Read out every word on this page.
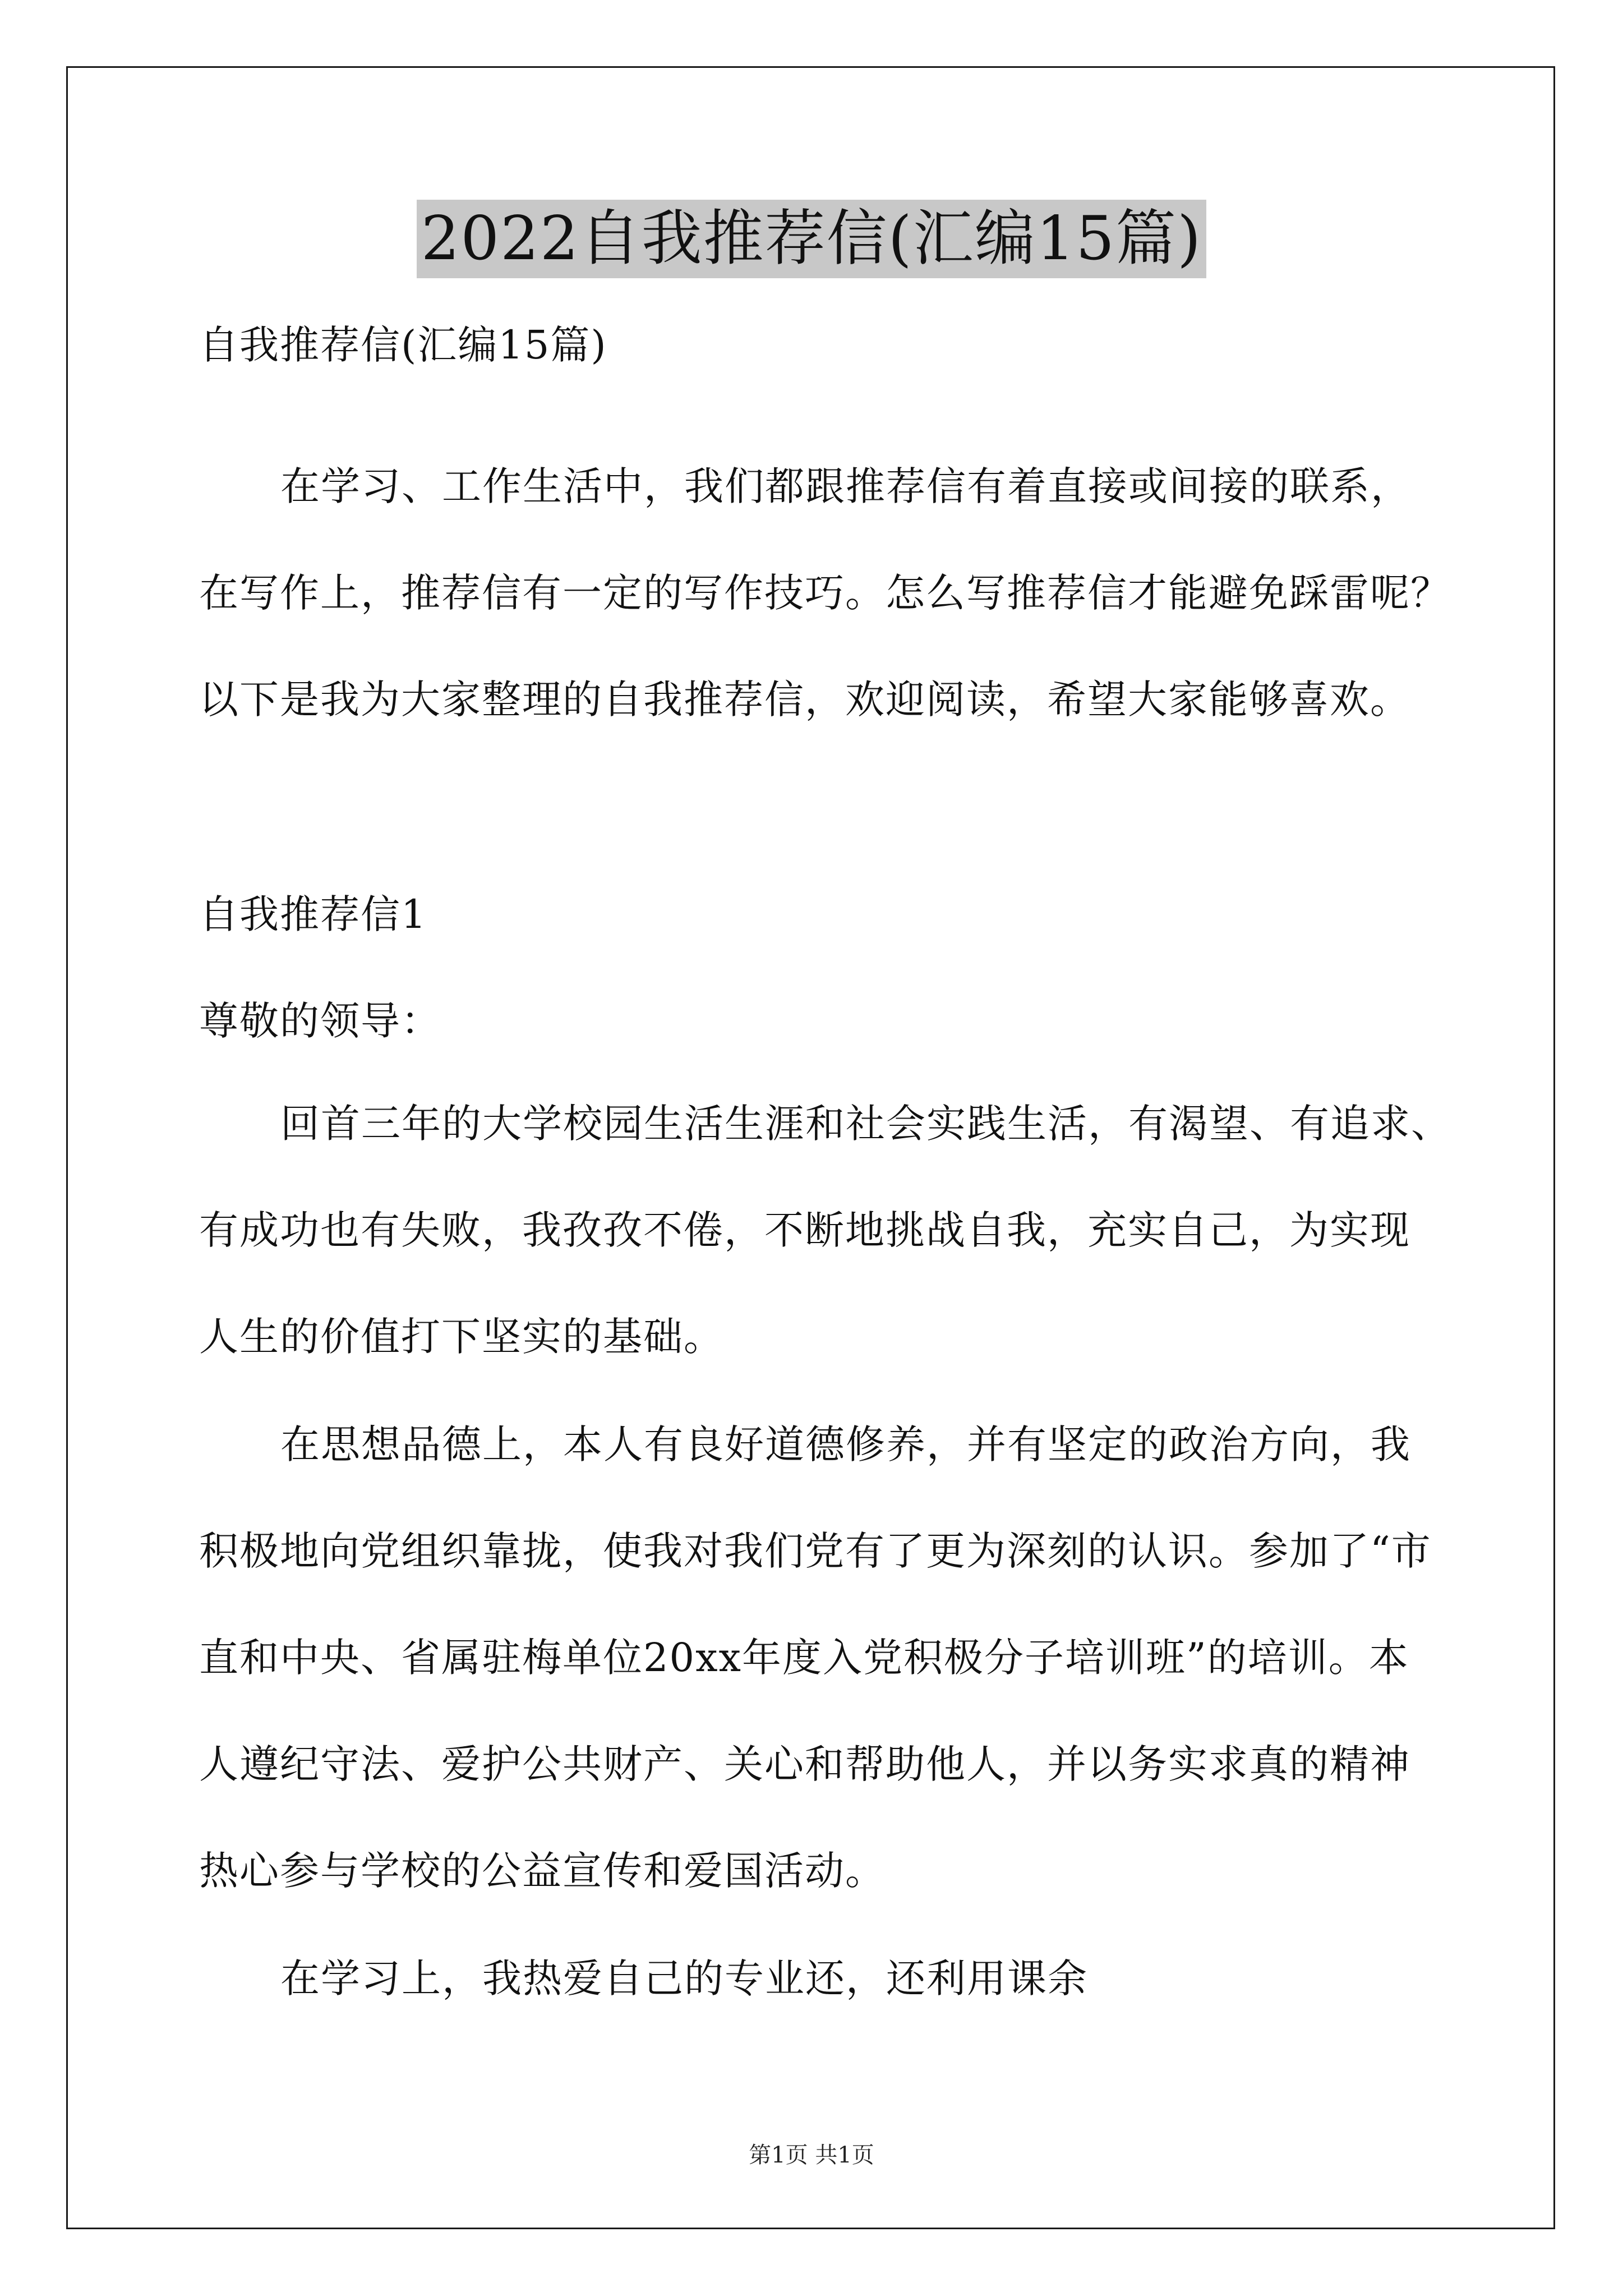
2022自我推荐信(汇编15篇)
自我推荐信(汇编15篇)
在学习、工作生活中，我们都跟推荐信有着直接或间接的联系，
在写作上，推荐信有一定的写作技巧。怎么写推荐信才能避免踩雷呢？
以下是我为大家整理的自我推荐信，欢迎阅读，希望大家能够喜欢。
自我推荐信1
尊敬的领导：
回首三年的大学校园生活生涯和社会实践生活，有渴望、有追求、
有成功也有失败，我孜孜不倦，不断地挑战自我，充实自己，为实现
人生的价值打下坚实的基础。
在思想品德上，本人有良好道德修养，并有坚定的政治方向，我
积极地向党组织靠拢，使我对我们党有了更为深刻的认识。参加了“市
直和中央、省属驻梅单位20xx年度入党积极分子培训班”的培训。本
人遵纪守法、爱护公共财产、关心和帮助他人，并以务实求真的精神
热心参与学校的公益宣传和爱国活动。
在学习上，我热爱自己的专业还，还利用课余
第1页 共1页
